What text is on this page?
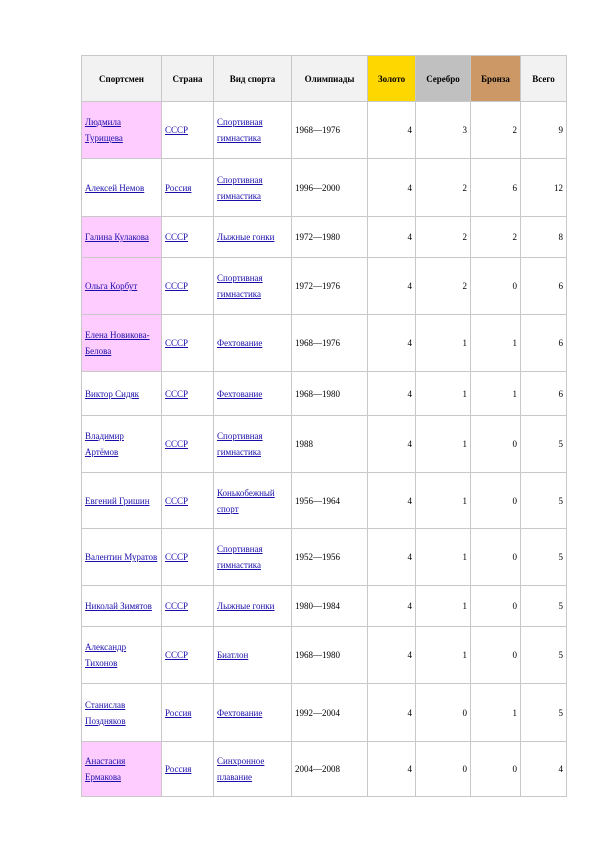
Спортсмен	Страна	Вид спорта	Олимпиады	Золото	Серебро	Бронза	Всего
Людмила Турищева	СССР	Спортивная гимнастика	1968—1976	4	3	2	9
Алексей Немов	Россия	Спортивная гимнастика	1996—2000	4	2	6	12
Галина Кулакова	СССР	Лыжные гонки	1972—1980	4	2	2	8
Ольга Корбут	СССР	Спортивная гимнастика	1972—1976	4	2	0	6
Елена Новикова-Белова	СССР	Фехтование	1968—1976	4	1	1	6
Виктор Сидяк	СССР	Фехтование	1968—1980	4	1	1	6
Владимир Артёмов	СССР	Спортивная гимнастика	1988	4	1	0	5
Евгений Гришин	СССР	Конькобежный спорт	1956—1964	4	1	0	5
Валентин Муратов	СССР	Спортивная гимнастика	1952—1956	4	1	0	5
Николай Зимятов	СССР	Лыжные гонки	1980—1984	4	1	0	5
Александр Тихонов	СССР	Биатлон	1968—1980	4	1	0	5
Станислав Поздняков	Россия	Фехтование	1992—2004	4	0	1	5
Анастасия Ермакова	Россия	Синхронное плавание	2004—2008	4	0	0	4
